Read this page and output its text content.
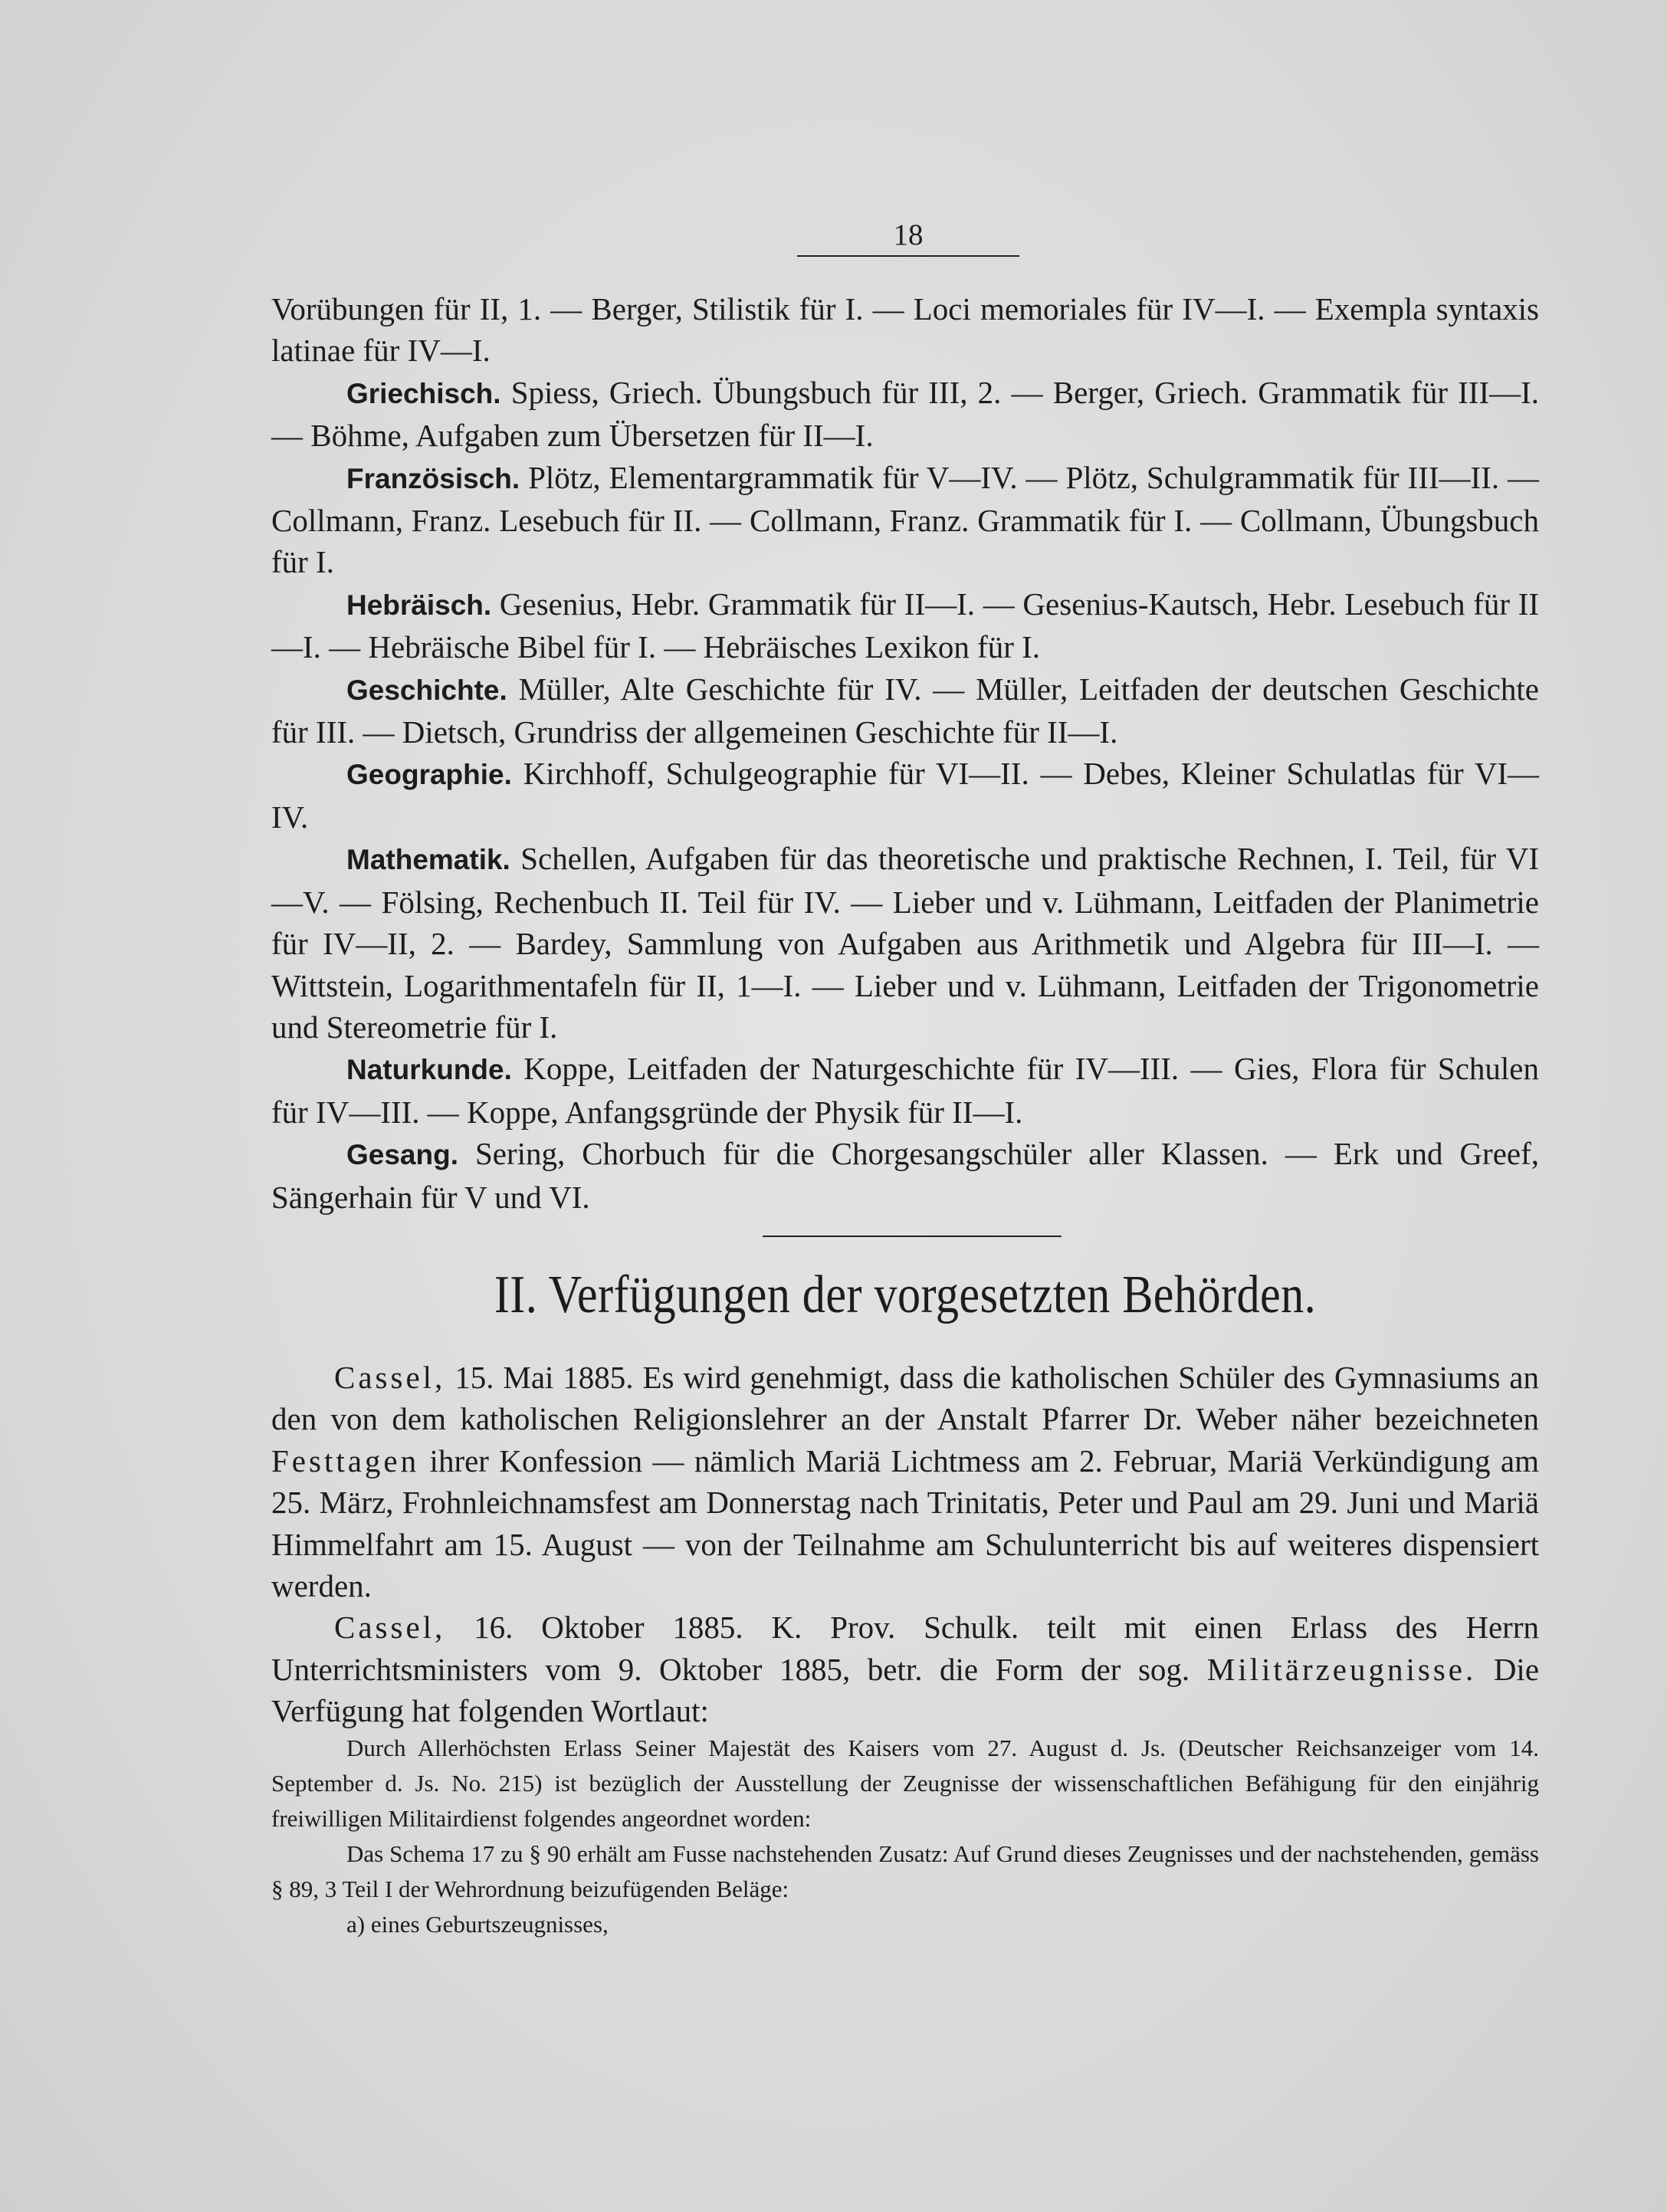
18

Vorübungen für II, 1. — Berger, Stilistik für I. — Loci memoriales für IV—I. — Exempla syntaxis latinae für IV—I.

Griechisch. Spiess, Griech. Übungsbuch für III, 2. — Berger, Griech. Grammatik für III—I. — Böhme, Aufgaben zum Übersetzen für II—I.

Französisch. Plötz, Elementargrammatik für V—IV. — Plötz, Schulgrammatik für III—II. — Collmann, Franz. Lesebuch für II. — Collmann, Franz. Grammatik für I. — Collmann, Übungsbuch für I.

Hebräisch. Gesenius, Hebr. Grammatik für II—I. — Gesenius-Kautsch, Hebr. Lesebuch für II—I. — Hebräische Bibel für I. — Hebräisches Lexikon für I.

Geschichte. Müller, Alte Geschichte für IV. — Müller, Leitfaden der deutschen Geschichte für III. — Dietsch, Grundriss der allgemeinen Geschichte für II—I.

Geographie. Kirchhoff, Schulgeographie für VI—II. — Debes, Kleiner Schulatlas für VI—IV.

Mathematik. Schellen, Aufgaben für das theoretische und praktische Rechnen, I. Teil, für VI—V. — Fölsing, Rechenbuch II. Teil für IV. — Lieber und v. Lühmann, Leitfaden der Planimetrie für IV—II, 2. — Bardey, Sammlung von Aufgaben aus Arithmetik und Algebra für III—I. — Wittstein, Logarithmentafeln für II, 1—I. — Lieber und v. Lühmann, Leitfaden der Trigonometrie und Stereometrie für I.

Naturkunde. Koppe, Leitfaden der Naturgeschichte für IV—III. — Gies, Flora für Schulen für IV—III. — Koppe, Anfangsgründe der Physik für II—I.

Gesang. Sering, Chorbuch für die Chorgesangschüler aller Klassen. — Erk und Greef, Sängerhain für V und VI.

II. Verfügungen der vorgesetzten Behörden.

Cassel, 15. Mai 1885. Es wird genehmigt, dass die katholischen Schüler des Gymnasiums an den von dem katholischen Religionslehrer an der Anstalt Pfarrer Dr. Weber näher bezeichneten Festtagen ihrer Konfession — nämlich Mariä Lichtmess am 2. Februar, Mariä Verkündigung am 25. März, Frohnleichnamsfest am Donnerstag nach Trinitatis, Peter und Paul am 29. Juni und Mariä Himmelfahrt am 15. August — von der Teilnahme am Schulunterricht bis auf weiteres dispensiert werden.

Cassel, 16. Oktober 1885. K. Prov. Schulk. teilt mit einen Erlass des Herrn Unterrichtsministers vom 9. Oktober 1885, betr. die Form der sog. Militärzeugnisse. Die Verfügung hat folgenden Wortlaut:

Durch Allerhöchsten Erlass Seiner Majestät des Kaisers vom 27. August d. Js. (Deutscher Reichsanzeiger vom 14. September d. Js. No. 215) ist bezüglich der Ausstellung der Zeugnisse der wissenschaftlichen Befähigung für den einjährig freiwilligen Militairdienst folgendes angeordnet worden:

Das Schema 17 zu § 90 erhält am Fusse nachstehenden Zusatz: Auf Grund dieses Zeugnisses und der nachstehenden, gemäss § 89, 3 Teil I der Wehrordnung beizufügenden Beläge:

a) eines Geburtszeugnisses,
